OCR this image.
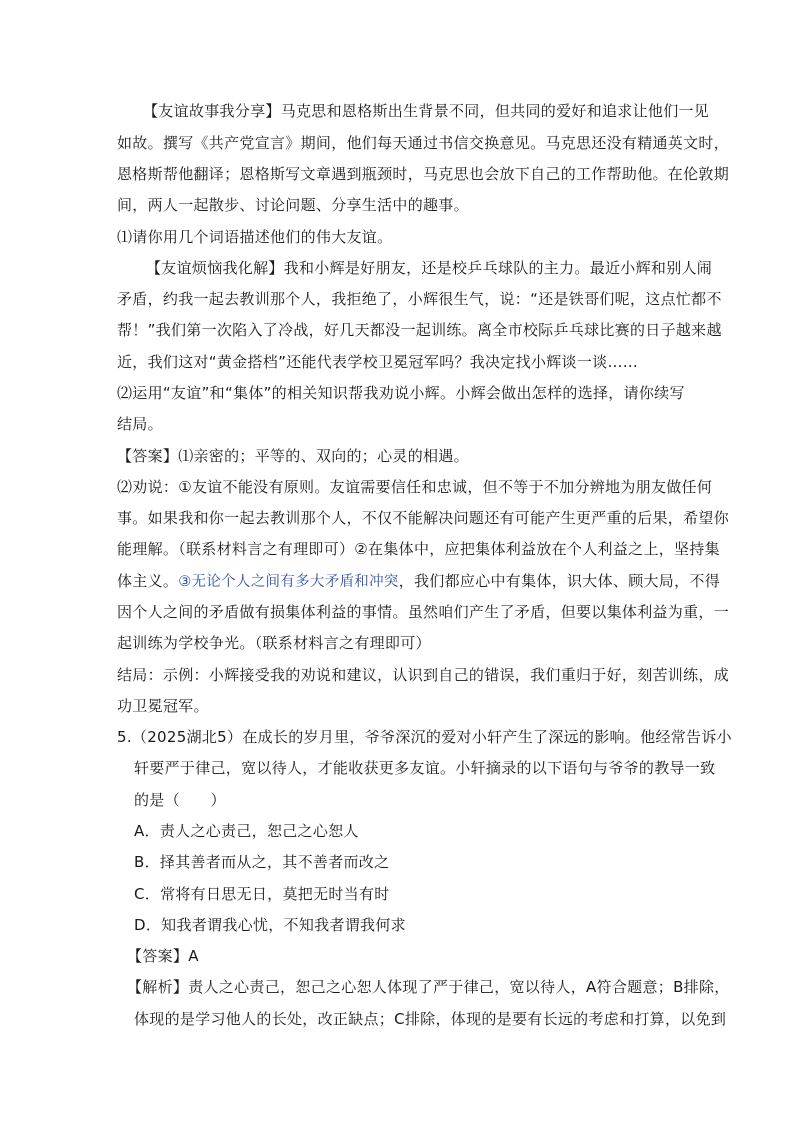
【友谊故事我分享】马克思和恩格斯出生背景不同，但共同的爱好和追求让他们一见
如故。撰写《共产党宣言》期间，他们每天通过书信交换意见。马克思还没有精通英文时，
恩格斯帮他翻译；恩格斯写文章遇到瓶颈时，马克思也会放下自己的工作帮助他。在伦敦期
间，两人一起散步、讨论问题、分享生活中的趣事。
⑴请你用几个词语描述他们的伟大友谊。
【友谊烦恼我化解】我和小辉是好朋友，还是校乒乓球队的主力。最近小辉和别人闹
矛盾，约我一起去教训那个人，我拒绝了，小辉很生气，说：“还是铁哥们呢，这点忙都不
帮！”我们第一次陷入了冷战，好几天都没一起训练。离全市校际乒乓球比赛的日子越来越
近，我们这对“黄金搭档”还能代表学校卫冕冠军吗？我决定找小辉谈一谈……
⑵运用“友谊”和“集体”的相关知识帮我劝说小辉。小辉会做出怎样的选择，请你续写
结局。
【答案】⑴亲密的；平等的、双向的；心灵的相遇。
⑵劝说：①友谊不能没有原则。友谊需要信任和忠诚，但不等于不加分辨地为朋友做任何
事。如果我和你一起去教训那个人，不仅不能解决问题还有可能产生更严重的后果，希望你
能理解。（联系材料言之有理即可）②在集体中，应把集体利益放在个人利益之上，坚持集
体主义。③无论个人之间有多大矛盾和冲突，我们都应心中有集体，识大体、顾大局，不得
因个人之间的矛盾做有损集体利益的事情。虽然咱们产生了矛盾，但要以集体利益为重，一
起训练为学校争光。（联系材料言之有理即可）
结局：示例：小辉接受我的劝说和建议，认识到自己的错误，我们重归于好，刻苦训练，成
功卫冕冠军。
5.（2025湖北5）在成长的岁月里，爷爷深沉的爱对小轩产生了深远的影响。他经常告诉小
轩要严于律己，宽以待人，才能收获更多友谊。小轩摘录的以下语句与爷爷的教导一致
的是（　　）
A．责人之心责己，恕己之心恕人
B．择其善者而从之，其不善者而改之
C．常将有日思无日，莫把无时当有时
D．知我者谓我心忧，不知我者谓我何求
【答案】A
【解析】责人之心责己，恕己之心恕人体现了严于律己，宽以待人，A符合题意；B排除，
体现的是学习他人的长处，改正缺点；C排除，体现的是要有长远的考虑和打算，以免到
